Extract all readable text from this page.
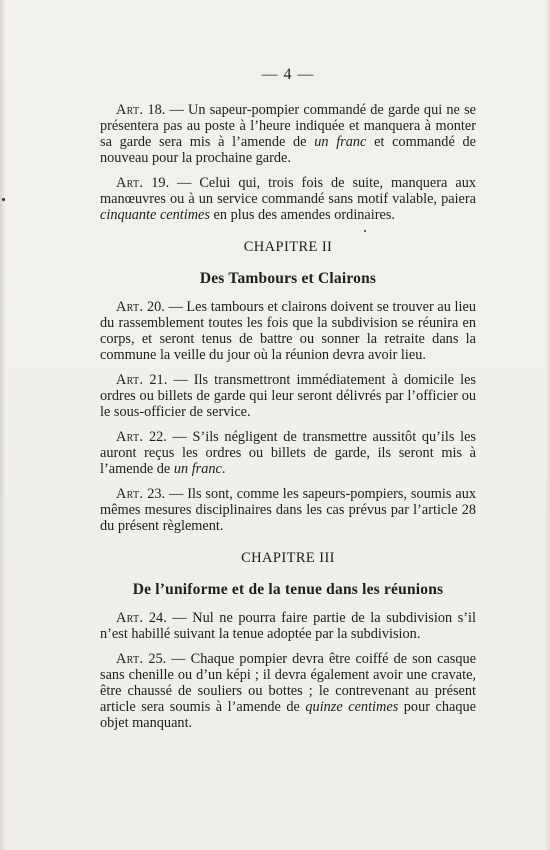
— 4 —

Art. 18. — Un sapeur-pompier commandé de garde qui ne se présentera pas au poste à l’heure indiquée et manquera à monter sa garde sera mis à l’amende de un franc et commandé de nouveau pour la prochaine garde.

Art. 19. — Celui qui, trois fois de suite, manquera aux manœuvres ou à un service commandé sans motif valable, paiera cinquante centimes en plus des amendes ordinaires.

CHAPITRE II
Des Tambours et Clairons

Art. 20. — Les tambours et clairons doivent se trouver au lieu du rassemblement toutes les fois que la subdivision se réunira en corps, et seront tenus de battre ou sonner la retraite dans la commune la veille du jour où la réunion devra avoir lieu.

Art. 21. — Ils transmettront immédiatement à domicile les ordres ou billets de garde qui leur seront délivrés par l’officier ou le sous-officier de service.

Art. 22. — S’ils négligent de transmettre aussitôt qu’ils les auront reçus les ordres ou billets de garde, ils seront mis à l’amende de un franc.

Art. 23. — Ils sont, comme les sapeurs-pompiers, soumis aux mêmes mesures disciplinaires dans les cas prévus par l’article 28 du présent règlement.

CHAPITRE III
De l’uniforme et de la tenue dans les réunions

Art. 24. — Nul ne pourra faire partie de la subdivision s’il n’est habillé suivant la tenue adoptée par la subdivision.

Art. 25. — Chaque pompier devra être coiffé de son casque sans chenille ou d’un képi ; il devra également avoir une cravate, être chaussé de souliers ou bottes ; le contrevenant au présent article sera soumis à l’amende de quinze centimes pour chaque objet manquant.
